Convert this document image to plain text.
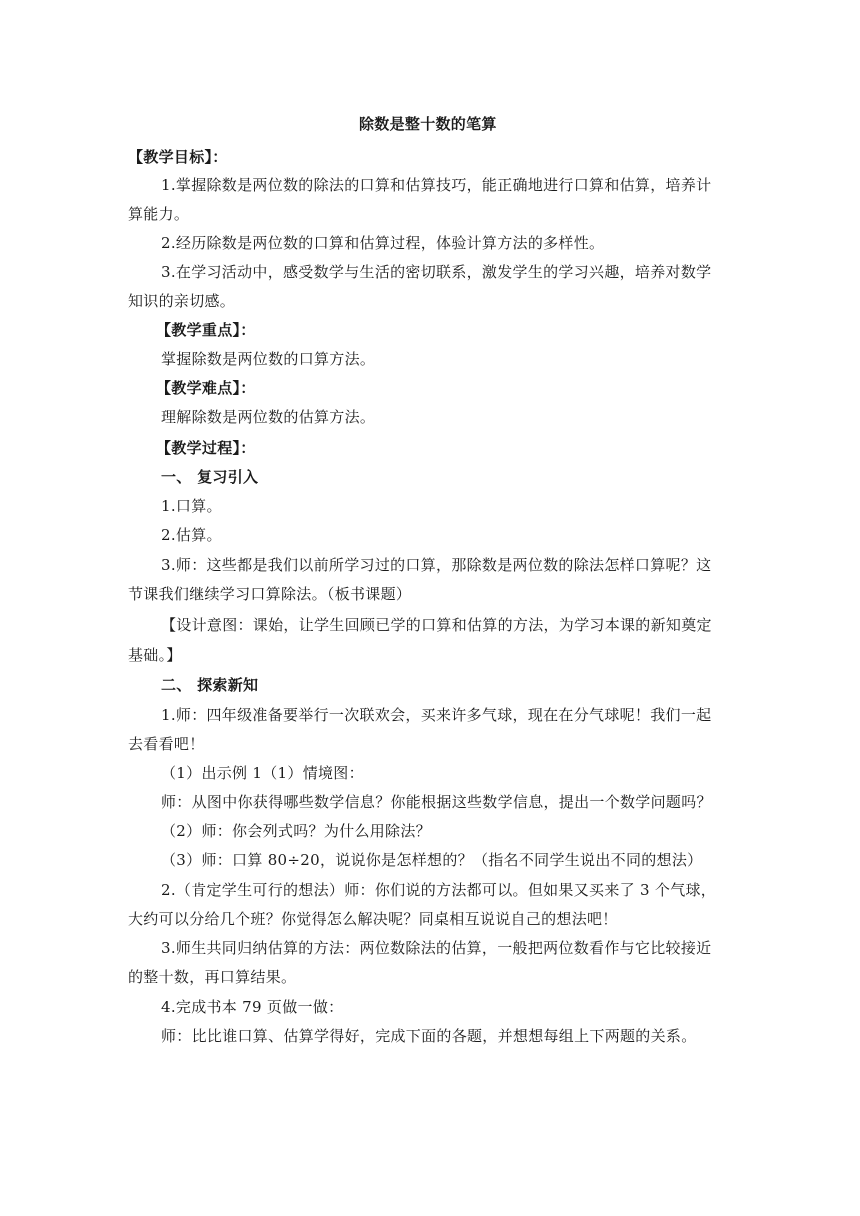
除数是整十数的笔算
【教学目标】：
1.掌握除数是两位数的除法的口算和估算技巧，能正确地进行口算和估算，培养计
算能力。
2.经历除数是两位数的口算和估算过程，体验计算方法的多样性。
3.在学习活动中，感受数学与生活的密切联系，激发学生的学习兴趣，培养对数学
知识的亲切感。
【教学重点】：
掌握除数是两位数的口算方法。
【教学难点】：
理解除数是两位数的估算方法。
【教学过程】：
一、 复习引入
1.口算。
2.估算。
3.师：这些都是我们以前所学习过的口算，那除数是两位数的除法怎样口算呢？这
节课我们继续学习口算除法。（板书课题）
【设计意图：课始，让学生回顾已学的口算和估算的方法，为学习本课的新知奠定
基础。】
二、 探索新知
1.师：四年级准备要举行一次联欢会，买来许多气球，现在在分气球呢！我们一起
去看看吧！
（1）出示例 1（1）情境图：
师：从图中你获得哪些数学信息？你能根据这些数学信息，提出一个数学问题吗？
（2）师：你会列式吗？为什么用除法？
（3）师：口算 80÷20，说说你是怎样想的？（指名不同学生说出不同的想法）
2.（肯定学生可行的想法）师：你们说的方法都可以。但如果又买来了 3 个气球，
大约可以分给几个班？你觉得怎么解决呢？同桌相互说说自己的想法吧！
3.师生共同归纳估算的方法：两位数除法的估算，一般把两位数看作与它比较接近
的整十数，再口算结果。
4.完成书本 79 页做一做：
师：比比谁口算、估算学得好，完成下面的各题，并想想每组上下两题的关系。
